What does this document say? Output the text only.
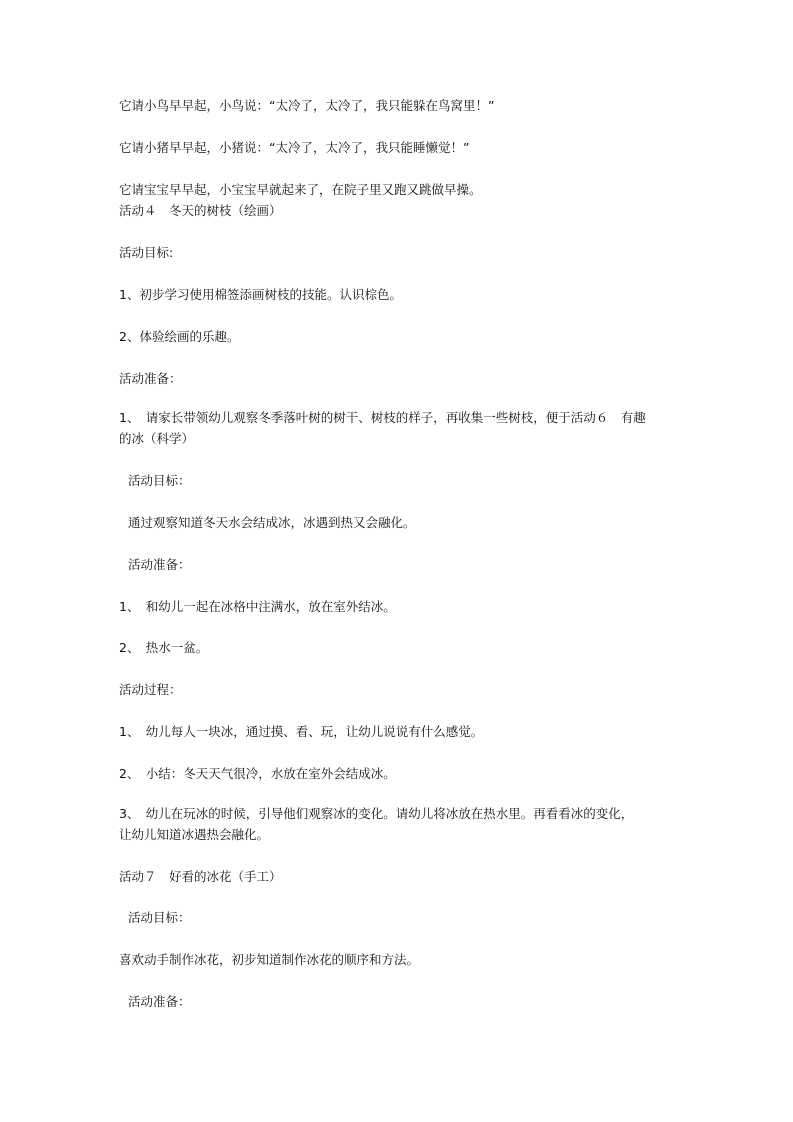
它请小鸟早早起，小鸟说：“太冷了，太冷了，我只能躲在鸟窝里！”
它请小猪早早起，小猪说：“太冷了，太冷了，我只能睡懒觉！”
它请宝宝早早起，小宝宝早就起来了，在院子里又跑又跳做早操。
活动４　冬天的树枝（绘画）
活动目标:
1、初步学习使用棉签添画树枝的技能。认识棕色。
2、体验绘画的乐趣。
活动准备：
1、　请家长带领幼儿观察冬季落叶树的树干、树枝的样子，再收集一些树枝，便于活动６　有趣
的冰（科学）
活动目标：
通过观察知道冬天水会结成冰，冰遇到热又会融化。
活动准备：
1、　和幼儿一起在冰格中注满水，放在室外结冰。
2、　热水一盆。
活动过程：
1、　幼儿每人一块冰，通过摸、看、玩，让幼儿说说有什么感觉。
2、　小结：冬天天气很冷，水放在室外会结成冰。
3、　幼儿在玩冰的时候，引导他们观察冰的变化。请幼儿将冰放在热水里。再看看冰的变化，
让幼儿知道冰遇热会融化。
活动７　好看的冰花（手工）
活动目标：
喜欢动手制作冰花，初步知道制作冰花的顺序和方法。
活动准备：
